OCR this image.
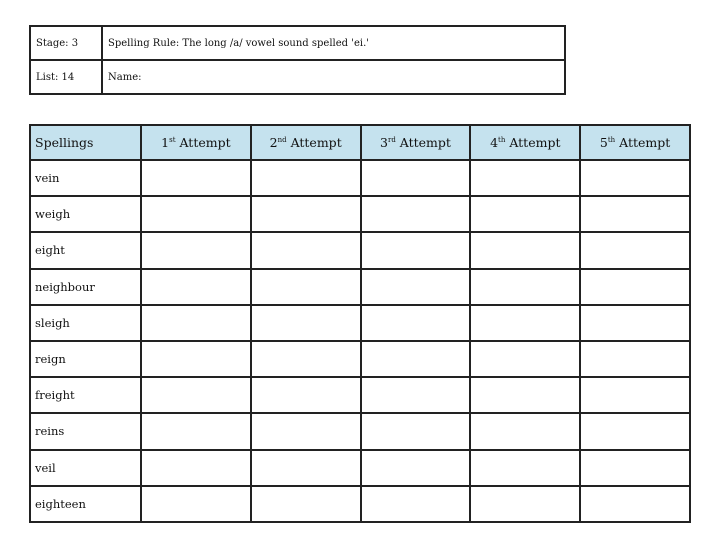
Stage: 3	Spelling Rule: The long /a/ vowel sound spelled 'ei.'
List: 14	Name:
Spellings	1st Attempt	2nd Attempt	3rd Attempt	4th Attempt	5th Attempt
vein					
weigh					
eight					
neighbour					
sleigh					
reign					
freight					
reins					
veil					
eighteen					
